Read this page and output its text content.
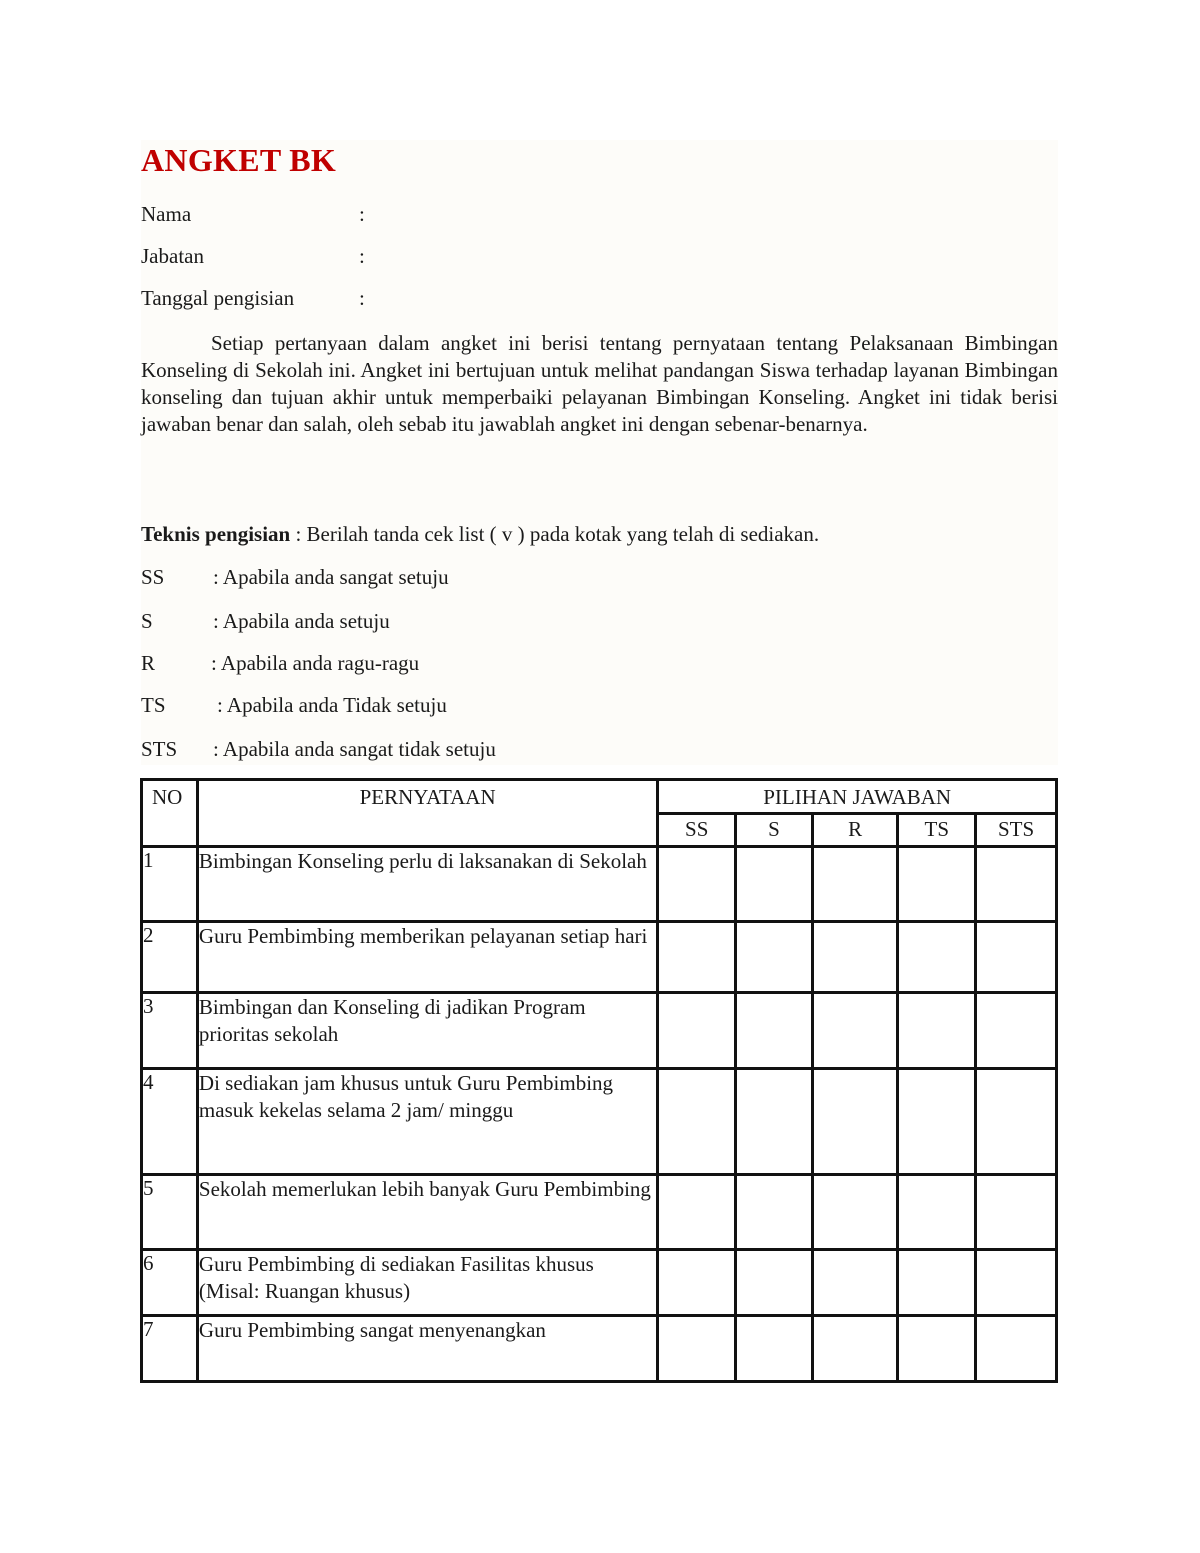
ANGKET BK
Nama	:
Jabatan	:
Tanggal pengisian	:

Setiap pertanyaan dalam angket ini berisi tentang pernyataan tentang Pelaksanaan Bimbingan Konseling di Sekolah ini. Angket ini bertujuan untuk melihat pandangan Siswa terhadap layanan Bimbingan konseling dan tujuan akhir untuk memperbaiki pelayanan Bimbingan Konseling. Angket ini tidak berisi jawaban benar dan salah, oleh sebab itu jawablah angket ini dengan sebenar-benarnya.

Teknis pengisian : Berilah tanda cek list ( v ) pada kotak yang telah di sediakan.
SS : Apabila anda sangat setuju
S	: Apabila anda setuju
R	: Apabila anda ragu-ragu
TS : Apabila anda Tidak setuju
STS : Apabila anda sangat tidak setuju
NO	PERNYATAAN	PILIHAN JAWABAN				
		SS	S	R	TS	STS
1	Bimbingan Konseling perlu di laksanakan di Sekolah					
2	Guru Pembimbing memberikan pelayanan setiap hari					
3	Bimbingan dan Konseling di jadikan Program prioritas sekolah					
4	Di sediakan jam khusus untuk Guru Pembimbing masuk kekelas selama 2 jam/ minggu					
5	Sekolah memerlukan lebih banyak Guru Pembimbing					
6	Guru Pembimbing di sediakan Fasilitas khusus (Misal: Ruangan khusus)					
7	Guru Pembimbing sangat menyenangkan					
